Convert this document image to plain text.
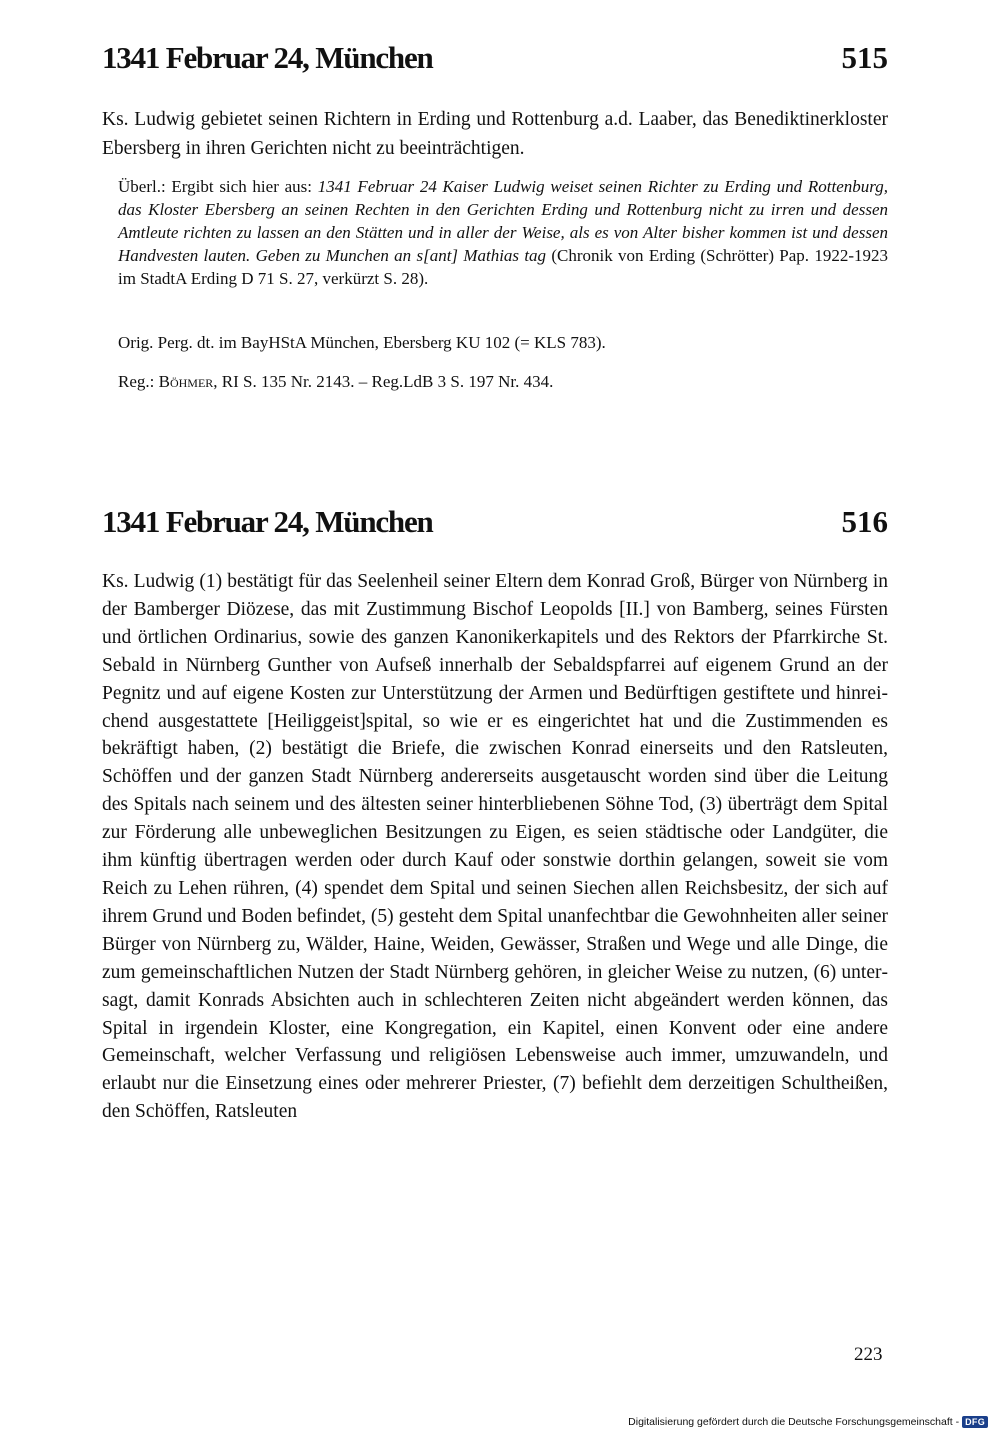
1341 Februar 24, München	515
Ks. Ludwig gebietet seinen Richtern in Erding und Rottenburg a.d. Laaber, das Benediktinerkloster Ebersberg in ihren Gerichten nicht zu beeinträchtigen.
Überl.: Ergibt sich hier aus: 1341 Februar 24 Kaiser Ludwig weiset seinen Richter zu Erding und Rottenburg, das Kloster Ebersberg an seinen Rechten in den Gerichten Erding und Rottenburg nicht zu irren und dessen Amtleute richten zu lassen an den Stätten und in aller der Weise, als es von Alter bisher kommen ist und dessen Handvesten lauten. Geben zu Munchen an s[ant] Mathias tag (Chronik von Erding (Schrötter) Pap. 1922-1923 im StadtA Erding D 71 S. 27, verkürzt S. 28).
Orig. Perg. dt. im BayHStA München, Ebersberg KU 102 (= KLS 783).
Reg.: Böhmer, RI S. 135 Nr. 2143. – Reg.LdB 3 S. 197 Nr. 434.
1341 Februar 24, München	516

Ks. Ludwig (1) bestätigt für das Seelenheil seiner Eltern dem Konrad Groß, Bürger von Nürnberg in der Bamberger Diözese, das mit Zustimmung Bischof Leopolds [II.] von Bamberg, seines Fürsten und örtlichen Ordinarius, sowie des ganzen Kanonikerkapitels und des Rektors der Pfarrkirche St. Sebald in Nürnberg Gunther von Aufseß innerhalb der Sebaldspfarrei auf eigenem Grund an der Pegnitz und auf eigene Kosten zur Unterstützung der Armen und Bedürftigen gestiftete und hinreichend ausgestattete [Heiliggeist]spital, so wie er es eingerichtet hat und die Zustimmenden es bekräftigt haben, (2) bestätigt die Briefe, die zwischen Konrad einerseits und den Ratsleuten, Schöffen und der ganzen Stadt Nürnberg andererseits ausgetauscht worden sind über die Leitung des Spitals nach seinem und des ältesten seiner hinterbliebenen Söhne Tod, (3) überträgt dem Spital zur Förderung alle unbeweglichen Besitzungen zu Eigen, es seien städtische oder Landgüter, die ihm künftig übertragen werden oder durch Kauf oder sonstwie dorthin gelangen, soweit sie vom Reich zu Lehen rühren, (4) spendet dem Spital und seinen Siechen allen Reichsbesitz, der sich auf ihrem Grund und Boden befindet, (5) gesteht dem Spital unanfechtbar die Gewohnheiten aller seiner Bürger von Nürnberg zu, Wälder, Haine, Weiden, Gewässer, Straßen und Wege und alle Dinge, die zum gemeinschaftlichen Nutzen der Stadt Nürnberg gehören, in gleicher Weise zu nutzen, (6) untersagt, damit Konrads Absichten auch in schlechteren Zeiten nicht abgeändert werden können, das Spital in irgendein Kloster, eine Kongregation, ein Kapitel, einen Konvent oder eine andere Gemeinschaft, welcher Verfassung und religiösen Lebensweise auch immer, umzuwandeln, und erlaubt nur die Einsetzung eines oder mehrerer Priester, (7) befiehlt dem derzeitigen Schultheißen, den Schöffen, Ratsleuten

223
Digitalisierung gefördert durch die Deutsche Forschungsgemeinschaft - DFG
